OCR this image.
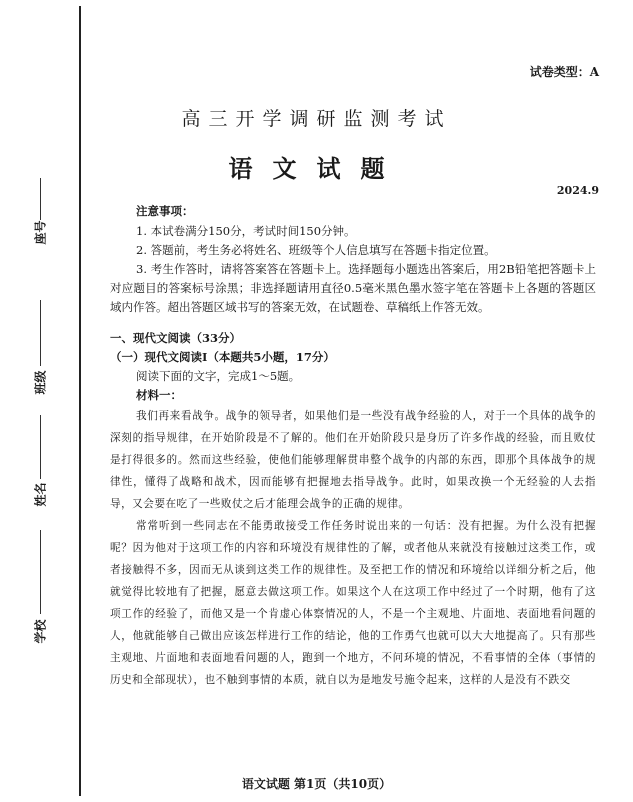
座号
班级
姓名
学校
试卷类型：A
高三开学调研监测考试
语文试题
2024.9

注意事项：

1. 本试卷满分150分，考试时间150分钟。

2. 答题前，考生务必将姓名、班级等个人信息填写在答题卡指定位置。

3. 考生作答时，请将答案答在答题卡上。选择题每小题选出答案后，用2B铅笔把答题卡上对应题目的答案标号涂黑；非选择题请用直径0.5毫米黑色墨水签字笔在答题卡上各题的答题区域内作答。超出答题区域书写的答案无效，在试题卷、草稿纸上作答无效。

一、现代文阅读（33分）

（一）现代文阅读Ⅰ（本题共5小题，17分）

阅读下面的文字，完成1～5题。

材料一：

我们再来看战争。战争的领导者，如果他们是一些没有战争经验的人，对于一个具体的战争的深刻的指导规律，在开始阶段是不了解的。他们在开始阶段只是身历了许多作战的经验，而且败仗是打得很多的。然而这些经验，使他们能够理解贯串整个战争的内部的东西，即那个具体战争的规律性，懂得了战略和战术，因而能够有把握地去指导战争。此时，如果改换一个无经验的人去指导，又会要在吃了一些败仗之后才能理会战争的正确的规律。

常常听到一些同志在不能勇敢接受工作任务时说出来的一句话：没有把握。为什么没有把握呢？因为他对于这项工作的内容和环境没有规律性的了解，或者他从来就没有接触过这类工作，或者接触得不多，因而无从谈到这类工作的规律性。及至把工作的情况和环境给以详细分析之后，他就觉得比较地有了把握，愿意去做这项工作。如果这个人在这项工作中经过了一个时期，他有了这项工作的经验了，而他又是一个肯虚心体察情况的人，不是一个主观地、片面地、表面地看问题的人，他就能够自己做出应该怎样进行工作的结论，他的工作勇气也就可以大大地提高了。只有那些主观地、片面地和表面地看问题的人，跑到一个地方，不问环境的情况，不看事情的全体（事情的历史和全部现状），也不触到事情的本质，就自以为是地发号施令起来，这样的人是没有不跌交

语文试题 第1页（共10页）
